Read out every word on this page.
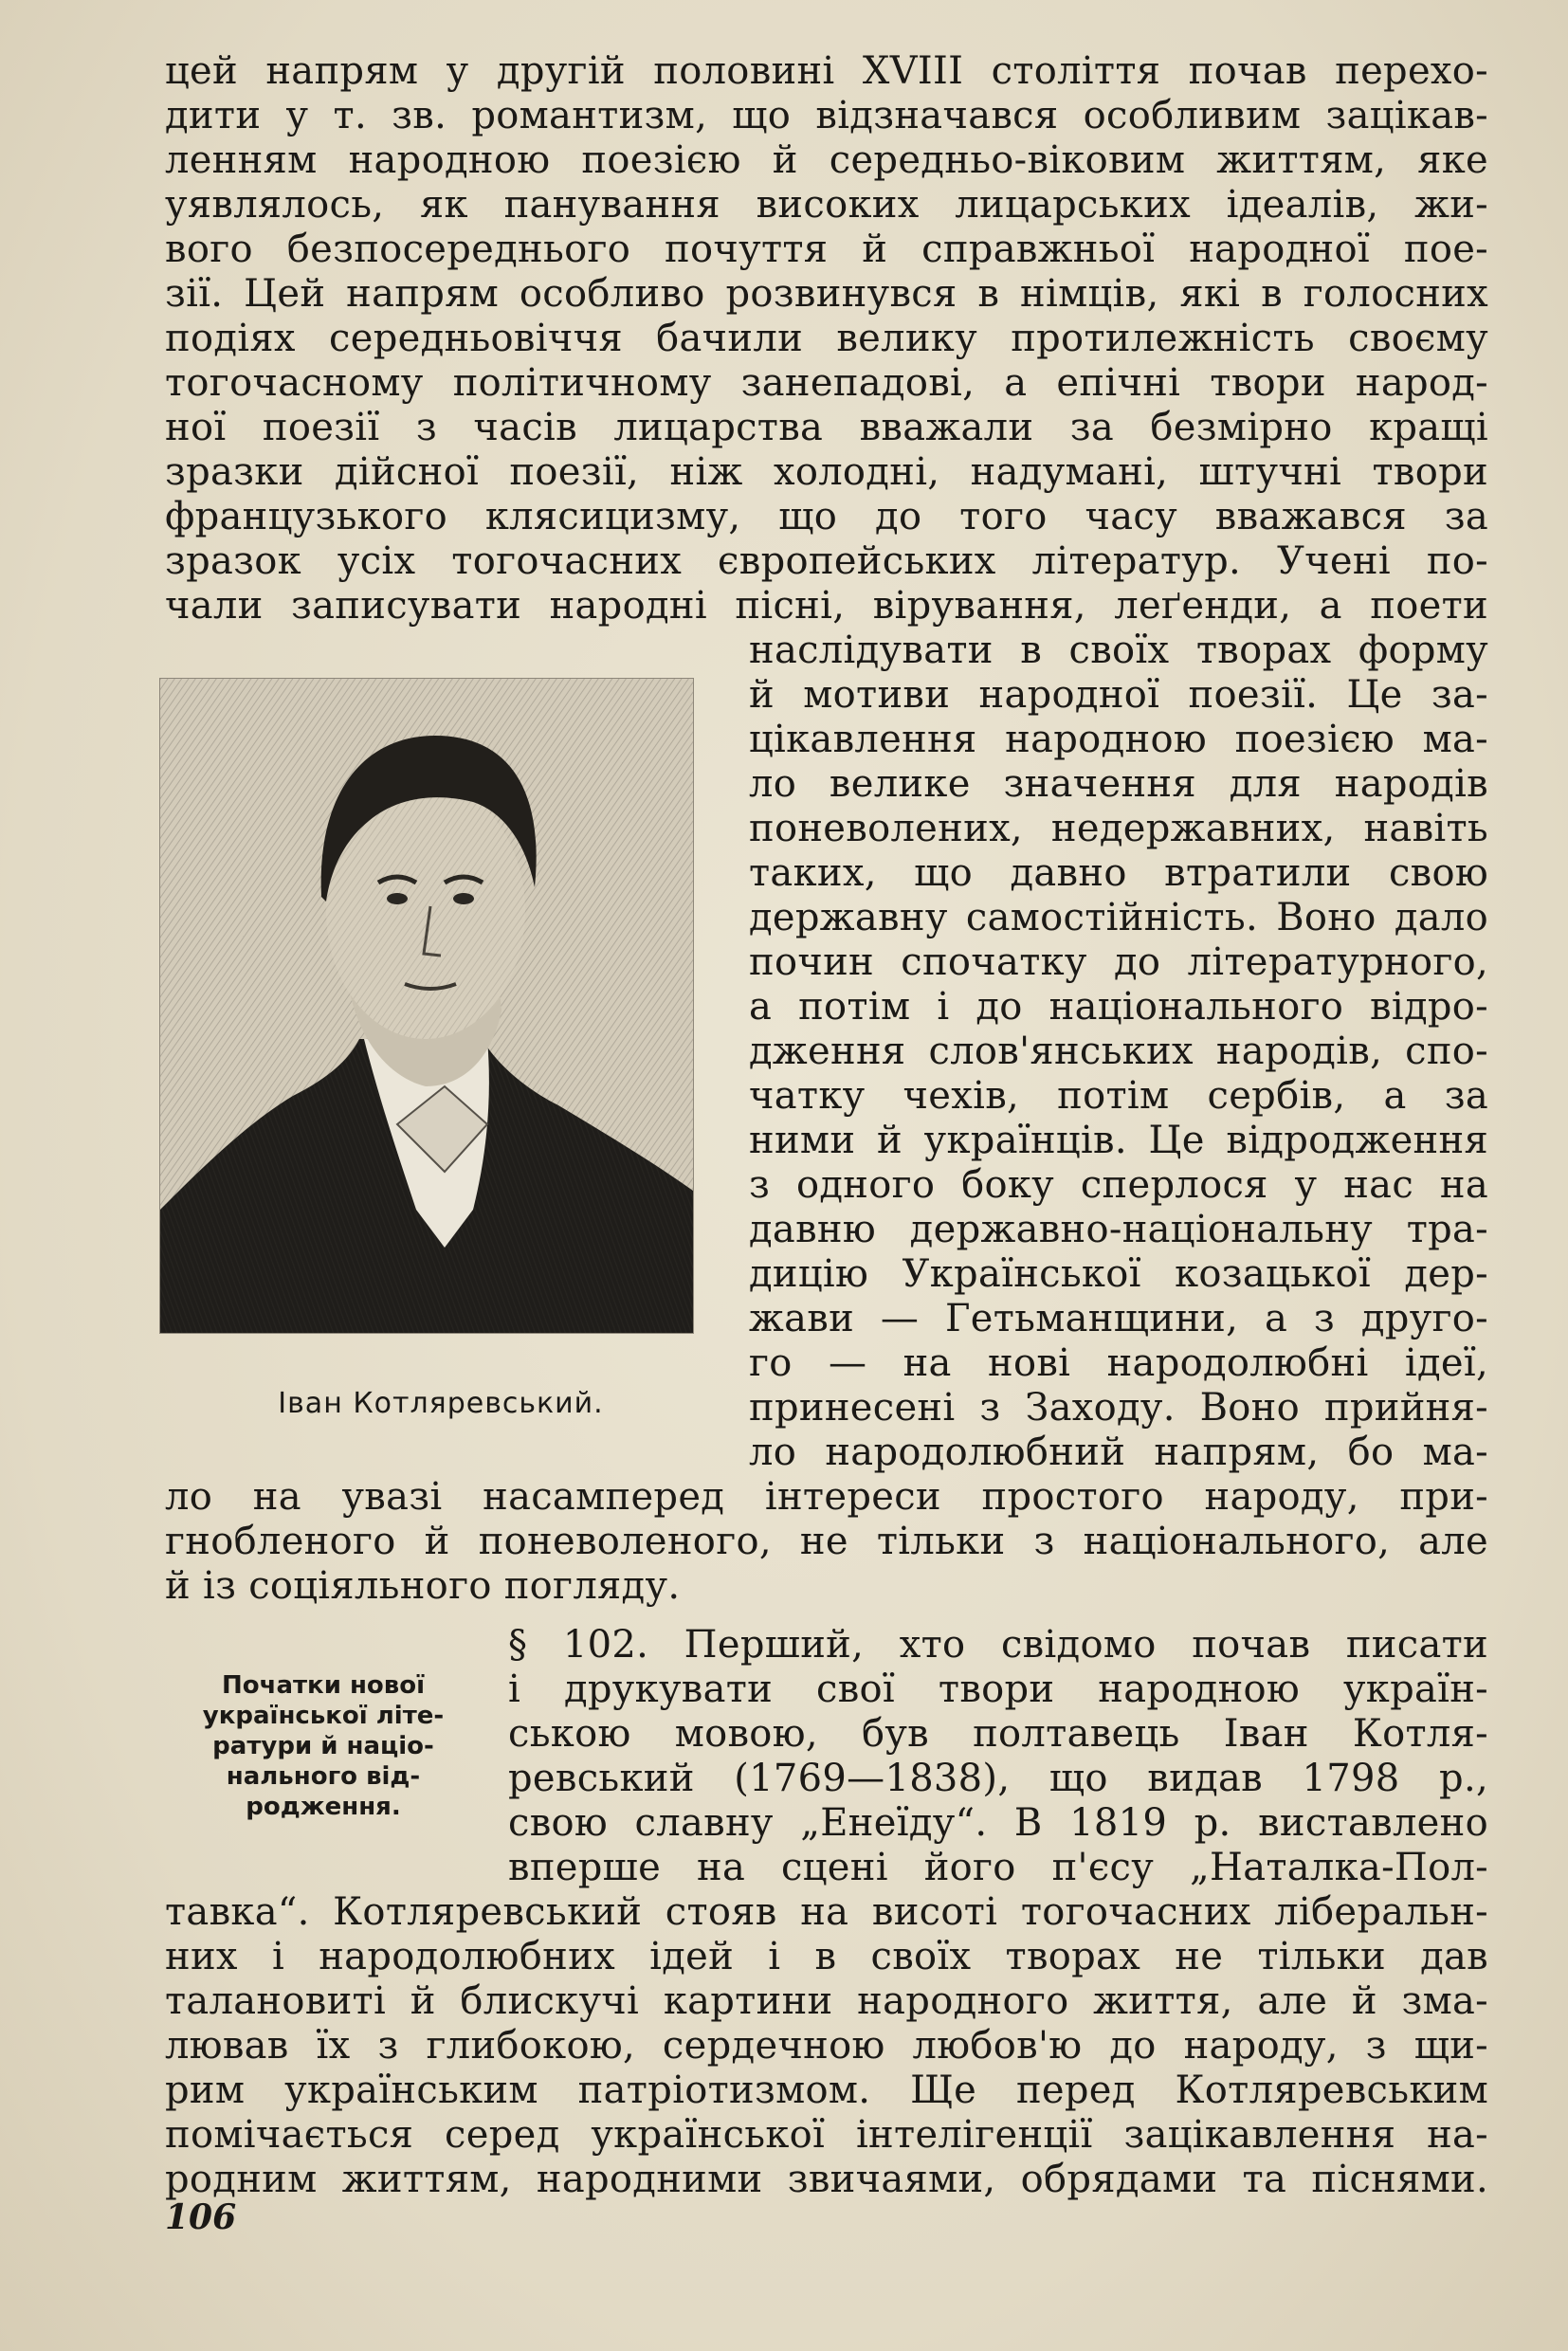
цей напрям у другій половині XVIII століття почав перехо-
дити у т. зв. романтизм, що відзначався особливим зацікав-
ленням народною поезією й середньо-віковим життям, яке
уявлялось, як панування високих лицарських ідеалів, жи-
вого безпосереднього почуття й справжньої народної пое-
зії. Цей напрям особливо розвинувся в німців, які в голосних
подіях середньовіччя бачили велику протилежність своєму
тогочасному політичному занепадові, а епічні твори народ-
ної поезії з часів лицарства вважали за безмірно кращі
зразки дійсної поезії, ніж холодні, надумані, штучні твори
французького клясицизму, що до того часу вважався за
зразок усіх тогочасних європейських літератур. Учені по-
чали записувати народні пісні, вірування, леґенди, а поети
Іван Котляревський.
наслідувати в своїх творах форму
й мотиви народної поезії. Це за-
цікавлення народною поезією ма-
ло велике значення для народів
поневолених, недержавних, навіть
таких, що давно втратили свою
державну самостійність. Воно дало
почин спочатку до літературного,
а потім і до національного відро-
дження слов'янських народів, спо-
чатку чехів, потім сербів, а за
ними й українців. Це відродження
з одного боку сперлося у нас на
давню державно-національну тра-
дицію Української козацької дер-
жави — Гетьманщини, а з друго-
го — на нові народолюбні ідеї,
принесені з Заходу. Воно прийня-
ло народолюбний напрям, бо ма-
ло на увазі насамперед інтереси простого народу, при-
гнобленого й поневоленого, не тільки з національного, але
й із соціяльного погляду.
Початки нової
української літе-
ратури й націо-
нального від-
родження.
§ 102. Перший, хто свідомо почав писати
і друкувати свої твори народною україн-
ською мовою, був полтавець Іван Котля-
ревський (1769—1838), що видав 1798 р.,
свою славну „Енеїду“. В 1819 р. виставлено
вперше на сцені його п'єсу „Наталка-Пол-
тавка“. Котляревський стояв на висоті тогочасних ліберальн-
них і народолюбних ідей і в своїх творах не тільки дав
талановиті й блискучі картини народного життя, але й зма-
лював їх з глибокою, сердечною любов'ю до народу, з щи-
рим українським патріотизмом. Ще перед Котляревським
помічається серед української інтелігенції зацікавлення на-
родним життям, народними звичаями, обрядами та піснями.
106
